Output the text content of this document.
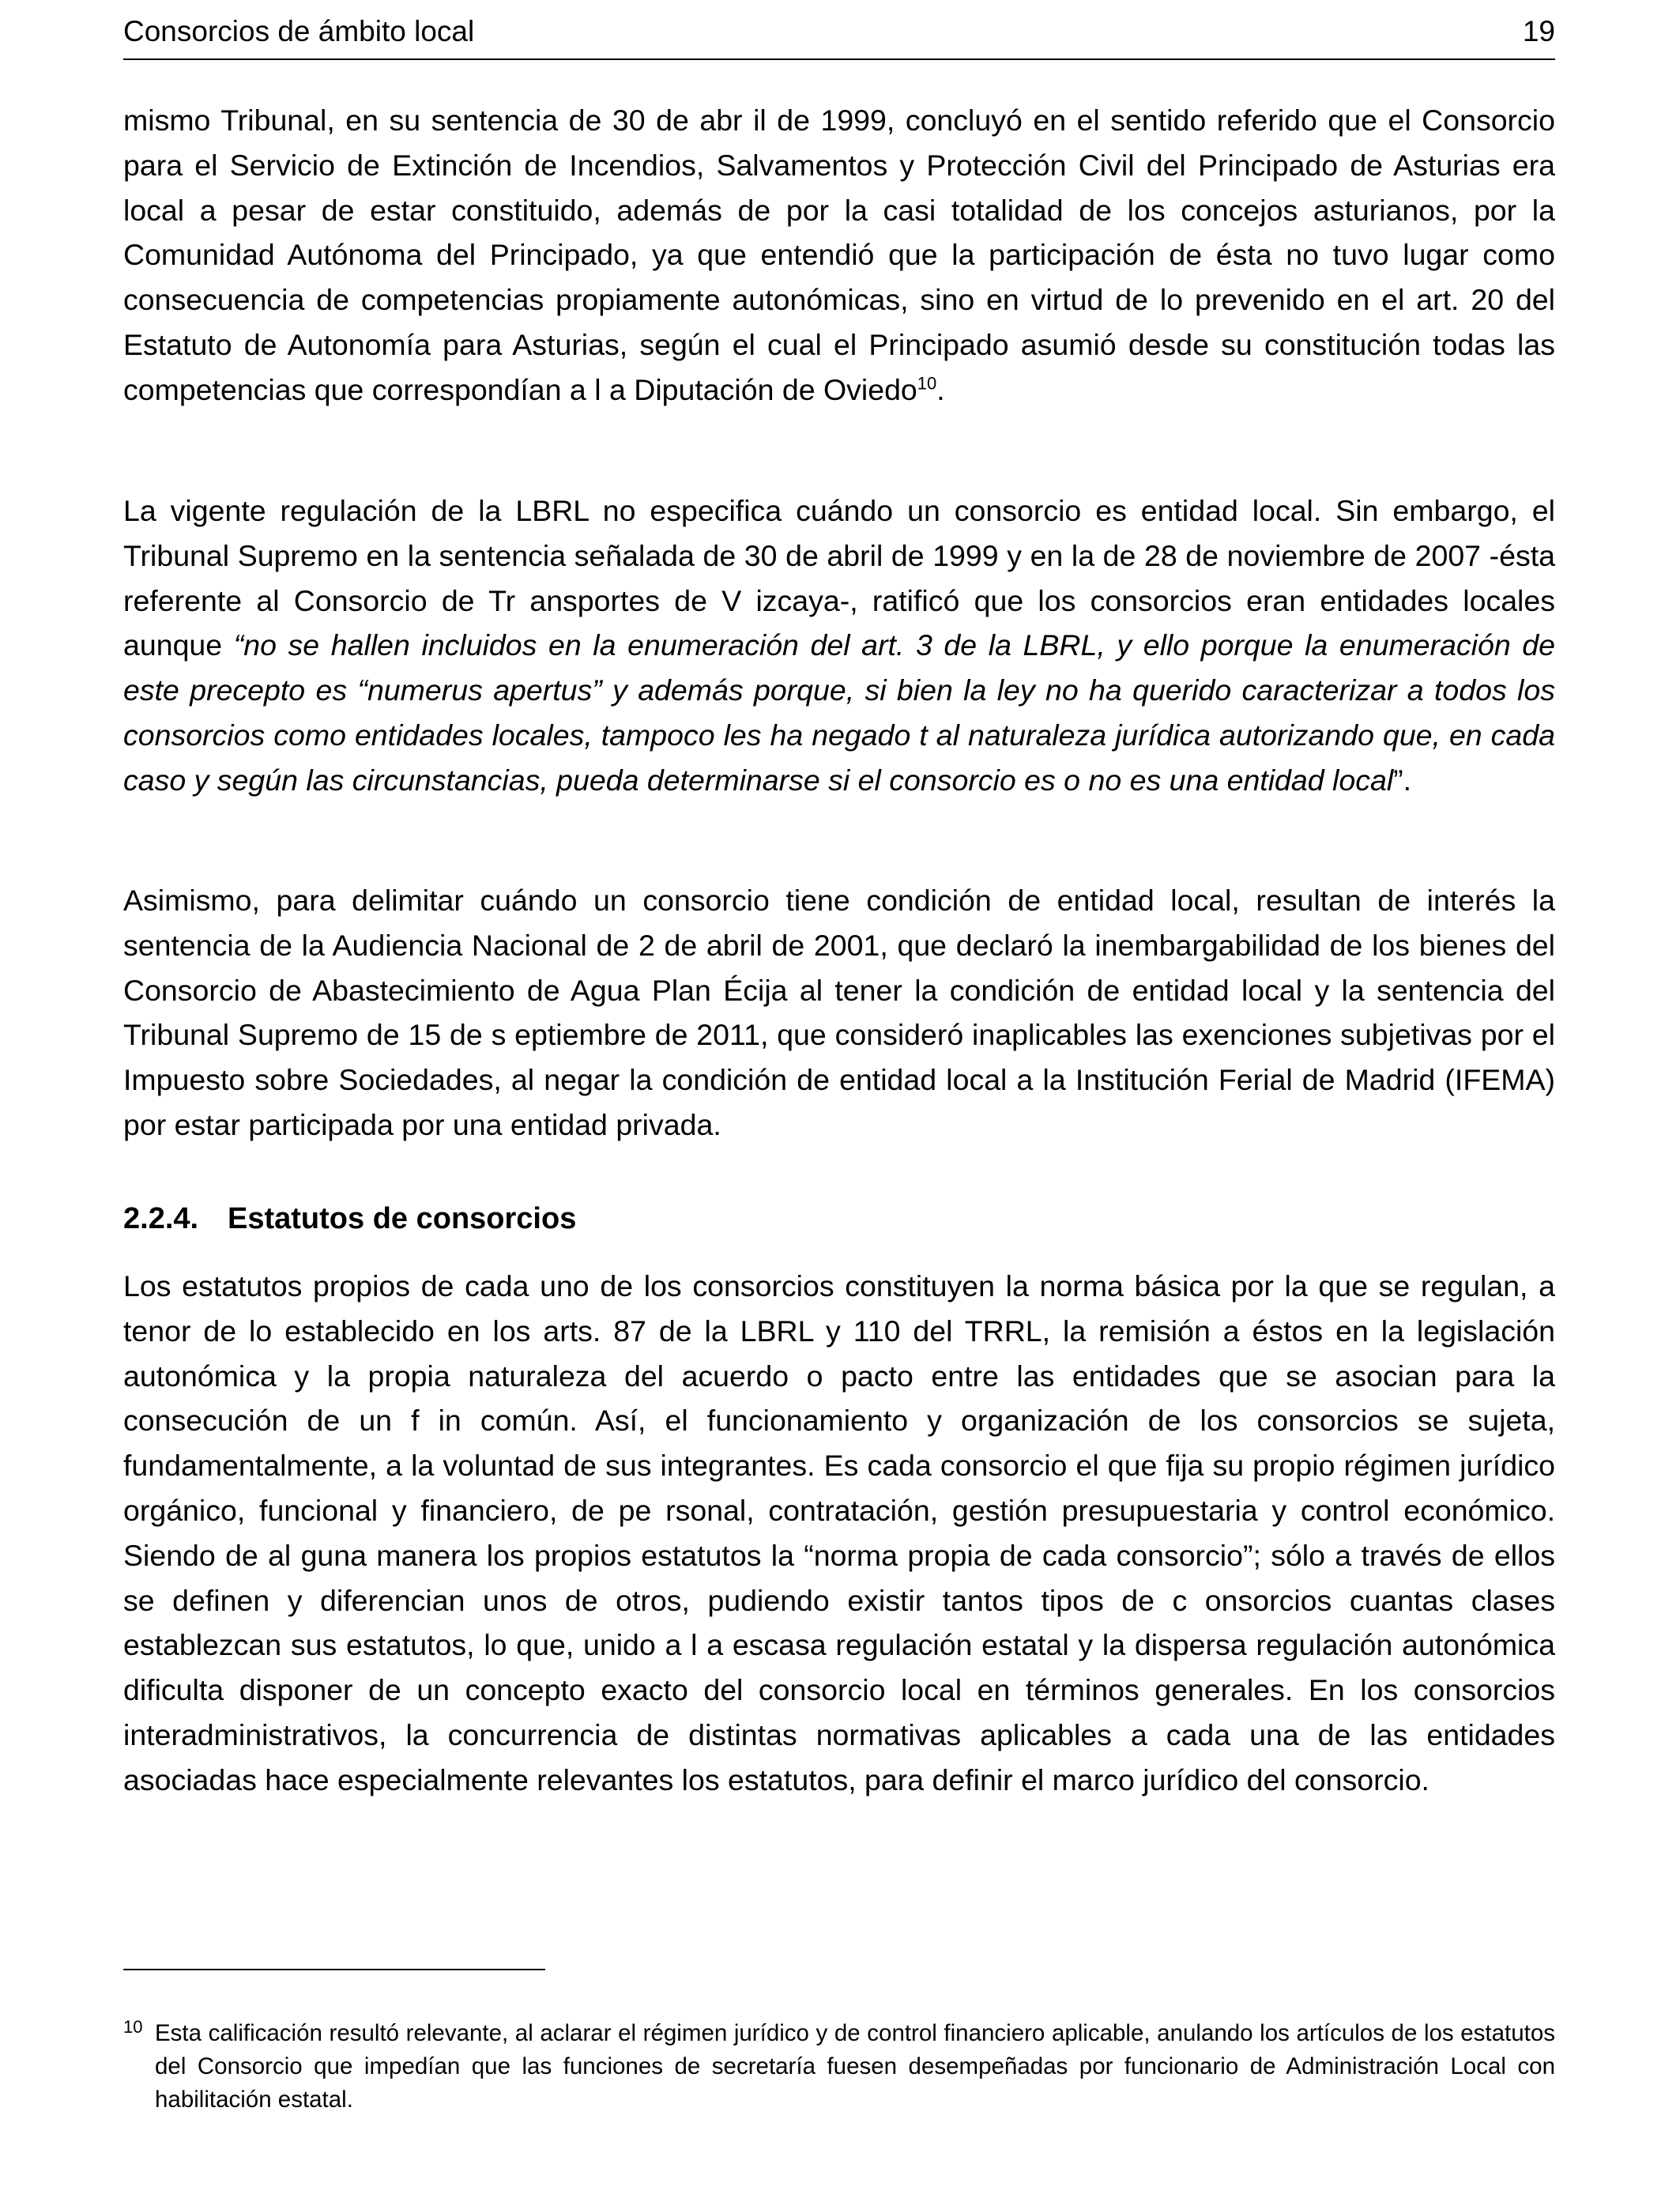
Consorcios de ámbito local	19

mismo Tribunal, en su sentencia de 30 de abr il de 1999, concluyó en el sentido referido que el Consorcio para el Servicio de Extinción de Incendios, Salvamentos y Protección Civil del Principado de Asturias era local a pesar de estar constituido, además de por la casi totalidad de los concejos asturianos, por la Comunidad Autónoma del Principado, ya que entendió que la participación de ésta no tuvo lugar como consecuencia de competencias propiamente autonómicas, sino en virtud de lo prevenido en el art. 20 del Estatuto de Autonomía para Asturias, según el cual el Principado asumió desde su constitución todas las competencias que correspondían a l a Diputación de Oviedo$^{10}$.

La vigente regulación de la LBRL no especifica cuándo un consorcio es entidad local. Sin embargo, el Tribunal Supremo en la sentencia señalada de 30 de abril de 1999 y en la de 28 de noviembre de 2007 -ésta referente al Consorcio de Tr ansportes de V izcaya-, ratificó que los consorcios eran entidades locales aunque “no se hallen incluidos en la enumeración del art. 3 de la LBRL, y ello porque la enumeración de este precepto es “numerus apertus” y además porque, si bien la ley no ha querido caracterizar a todos los consorcios como entidades locales, tampoco les ha negado t al naturaleza jurídica autorizando que, en cada caso y según las circunstancias, pueda determinarse si el consorcio es o no es una entidad local”.

Asimismo, para delimitar cuándo un consorcio tiene condición de entidad local, resultan de interés la sentencia de la Audiencia Nacional de 2 de abril de 2001, que declaró la inembargabilidad de los bienes del Consorcio de Abastecimiento de Agua Plan Écija al tener la condición de entidad local y la sentencia del Tribunal Supremo de 15 de s eptiembre de 2011, que consideró inaplicables las exenciones subjetivas por el Impuesto sobre Sociedades, al negar la condición de entidad local a la Institución Ferial de Madrid (IFEMA) por estar participada por una entidad privada.

2.2.4. Estatutos de consorcios

Los estatutos propios de cada uno de los consorcios constituyen la norma básica por la que se regulan, a tenor de lo establecido en los arts. 87 de la LBRL y 110 del TRRL, la remisión a éstos en la legislación autonómica y la propia naturaleza del acuerdo o pacto entre las entidades que se asocian para la consecución de un f in común. Así, el funcionamiento y organización de los consorcios se sujeta, fundamentalmente, a la voluntad de sus integrantes. Es cada consorcio el que fija su propio régimen jurídico orgánico, funcional y financiero, de pe rsonal, contratación, gestión presupuestaria y control económico. Siendo de al guna manera los propios estatutos la “norma propia de cada consorcio”; sólo a través de ellos se definen y diferencian unos de otros, pudiendo existir tantos tipos de c onsorcios cuantas clases establezcan sus estatutos, lo que, unido a l a escasa regulación estatal y la dispersa regulación autonómica dificulta disponer de un concepto exacto del consorcio local en términos generales. En los consorcios interadministrativos, la concurrencia de distintas normativas aplicables a cada una de las entidades asociadas hace especialmente relevantes los estatutos, para definir el marco jurídico del consorcio.

10 Esta calificación resultó relevante, al aclarar el régimen jurídico y de control financiero aplicable, anulando los artículos de los estatutos del Consorcio que impedían que las funciones de secretaría fuesen desempeñadas por funcionario de Administración Local con habilitación estatal.
